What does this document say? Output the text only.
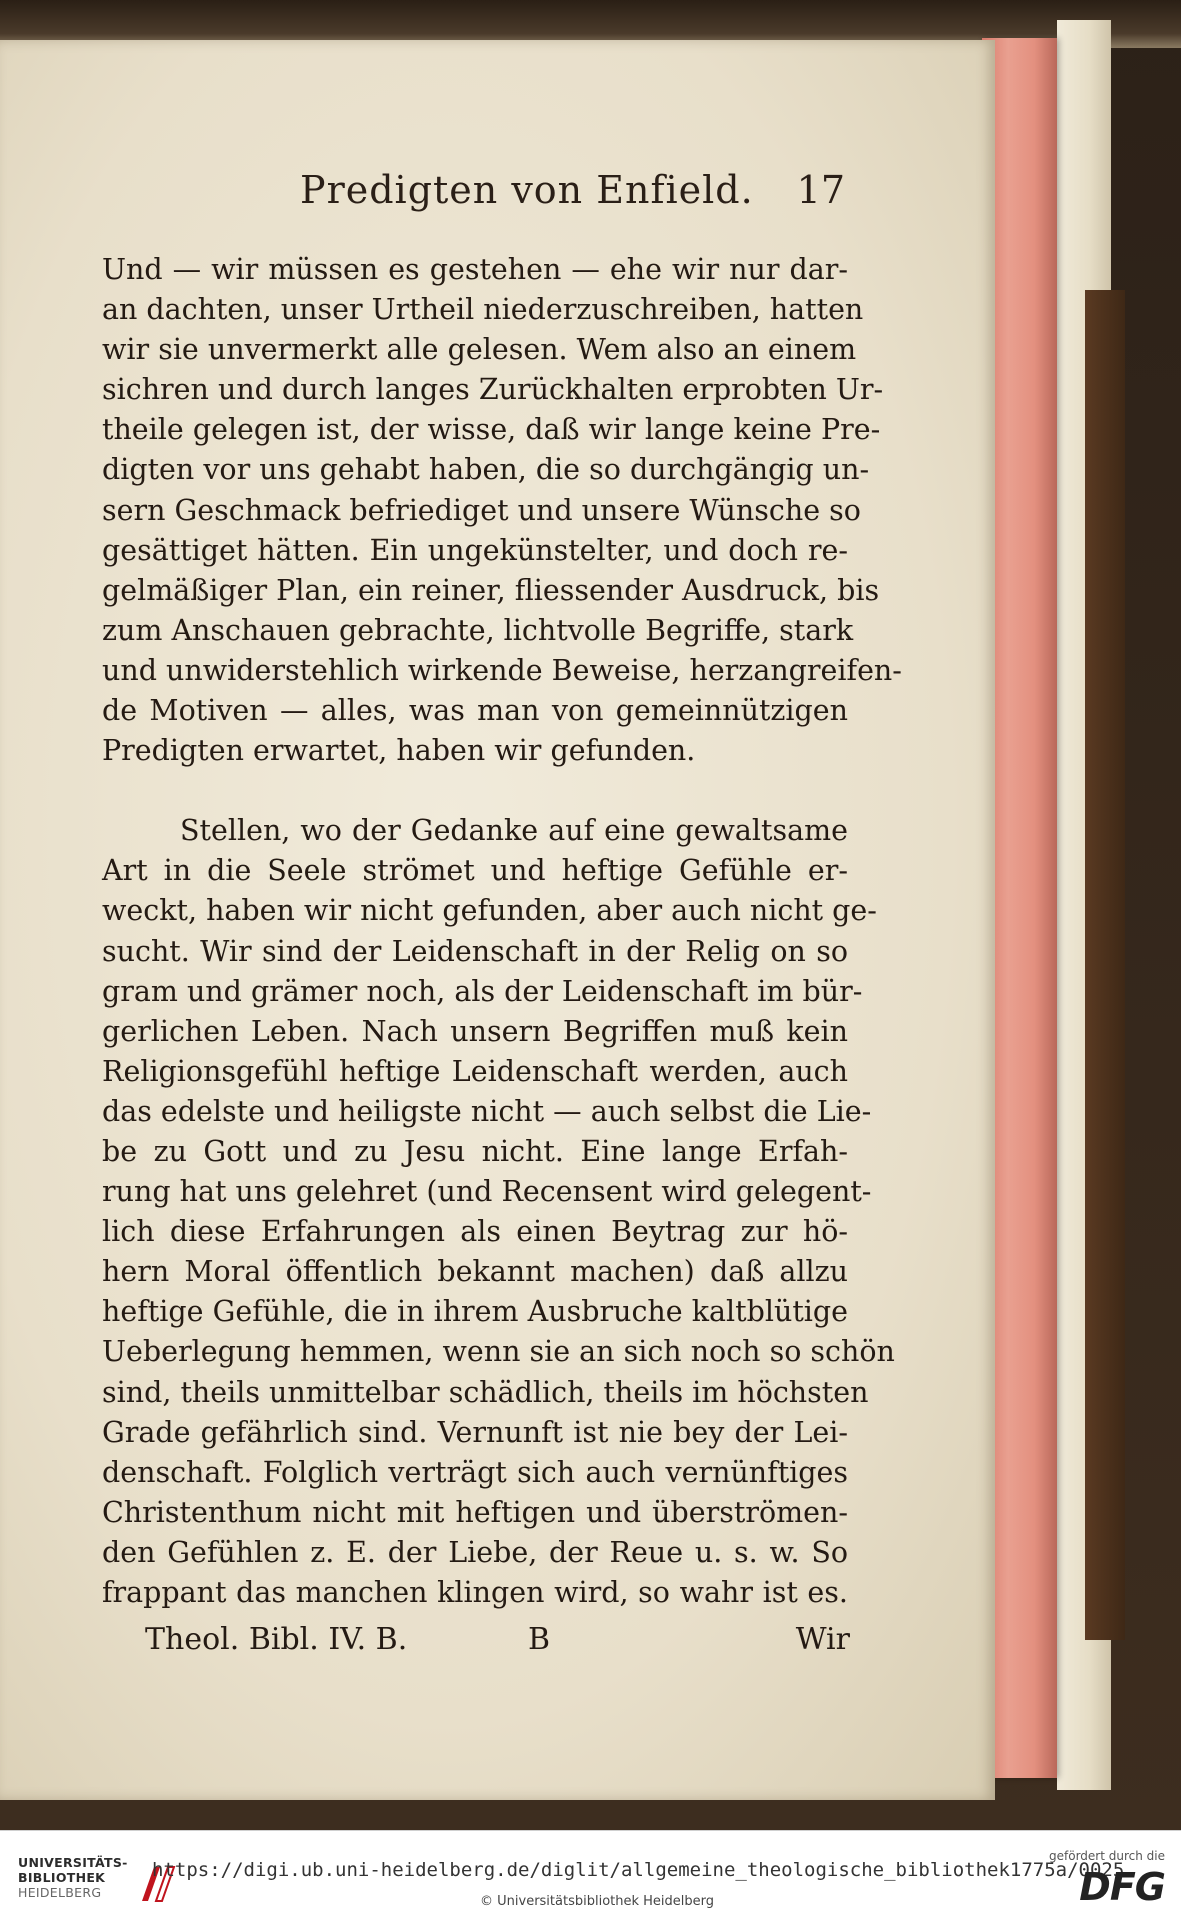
Predigten von Enfield. 17
Und — wir müssen es gestehen — ehe wir nur dar-
an dachten, unser Urtheil niederzuschreiben, hatten
wir sie unvermerkt alle gelesen. Wem also an einem
sichren und durch langes Zurückhalten erprobten Ur-
theile gelegen ist, der wisse, daß wir lange keine Pre-
digten vor uns gehabt haben, die so durchgängig un-
sern Geschmack befriediget und unsere Wünsche so
gesättiget hätten. Ein ungekünstelter, und doch re-
gelmäßiger Plan, ein reiner, fliessender Ausdruck, bis
zum Anschauen gebrachte, lichtvolle Begriffe, stark
und unwiderstehlich wirkende Beweise, herzangreifen-
de Motiven — alles, was man von gemeinnützigen
Predigten erwartet, haben wir gefunden.
Stellen, wo der Gedanke auf eine gewaltsame
Art in die Seele strömet und heftige Gefühle er-
weckt, haben wir nicht gefunden, aber auch nicht ge-
sucht. Wir sind der Leidenschaft in der Relig on so
gram und grämer noch, als der Leidenschaft im bür-
gerlichen Leben. Nach unsern Begriffen muß kein
Religionsgefühl heftige Leidenschaft werden, auch
das edelste und heiligste nicht — auch selbst die Lie-
be zu Gott und zu Jesu nicht. Eine lange Erfah-
rung hat uns gelehret (und Recensent wird gelegent-
lich diese Erfahrungen als einen Beytrag zur hö-
hern Moral öffentlich bekannt machen) daß allzu
heftige Gefühle, die in ihrem Ausbruche kaltblütige
Ueberlegung hemmen, wenn sie an sich noch so schön
sind, theils unmittelbar schädlich, theils im höchsten
Grade gefährlich sind. Vernunft ist nie bey der Lei-
denschaft. Folglich verträgt sich auch vernünftiges
Christenthum nicht mit heftigen und überströmen-
den Gefühlen z. E. der Liebe, der Reue u. s. w. So
frappant das manchen klingen wird, so wahr ist es.
Theol. Bibl. IV. B.	B	Wir
UNIVERSITÄTS-
BIBLIOTHEK
HEIDELBERG
https://digi.ub.uni-heidelberg.de/diglit/allgemeine_theologische_bibliothek1775a/0025
© Universitätsbibliothek Heidelberg
gefördert durch die
DFG
